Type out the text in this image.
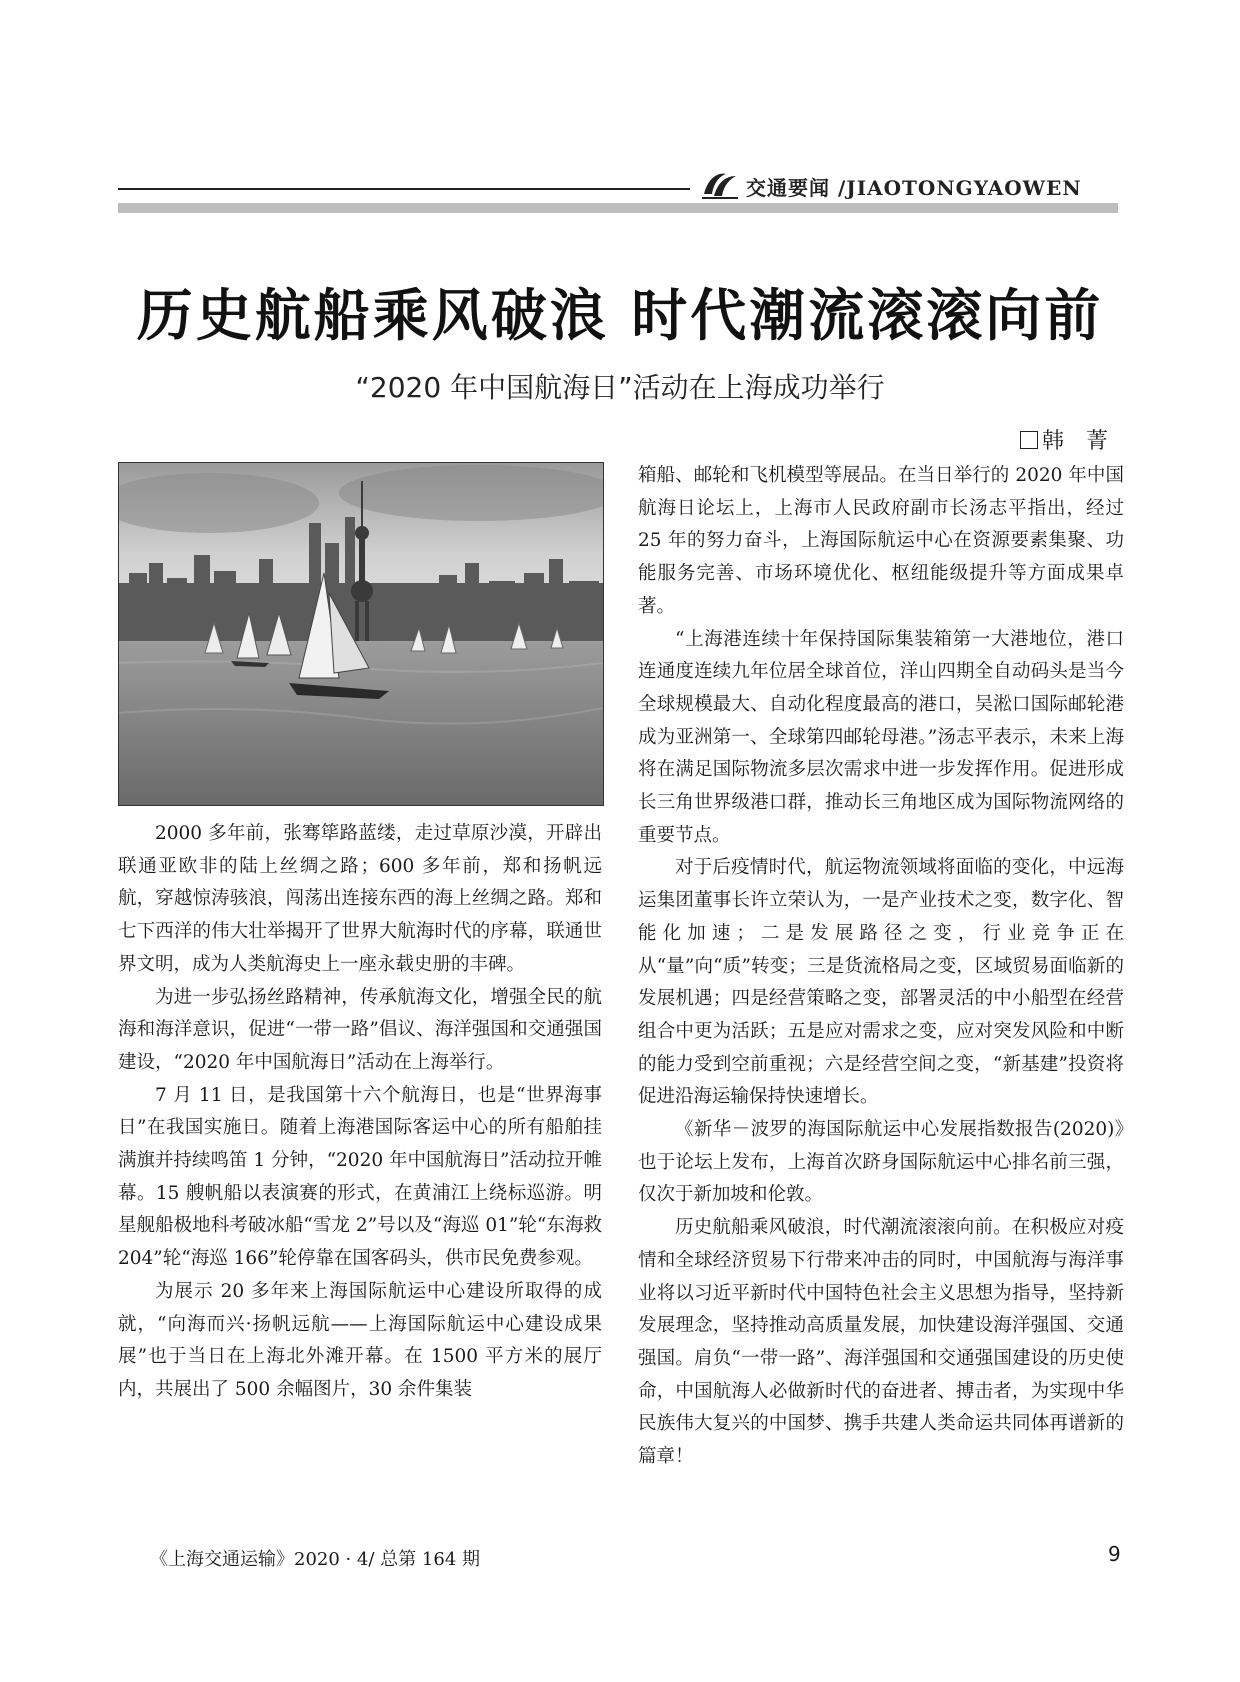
交通要闻 /JIAOTONGYAOWEN
历史航船乘风破浪 时代潮流滚滚向前
“2020 年中国航海日”活动在上海成功举行
韩　菁

2000 多年前，张骞筚路蓝缕，走过草原沙漠，开辟出联通亚欧非的陆上丝绸之路；600 多年前，郑和扬帆远航，穿越惊涛骇浪，闯荡出连接东西的海上丝绸之路。郑和七下西洋的伟大壮举揭开了世界大航海时代的序幕，联通世界文明，成为人类航海史上一座永载史册的丰碑。

为进一步弘扬丝路精神，传承航海文化，增强全民的航海和海洋意识，促进“一带一路”倡议、海洋强国和交通强国建设，“2020 年中国航海日”活动在上海举行。

7 月 11 日，是我国第十六个航海日，也是“世界海事日”在我国实施日。随着上海港国际客运中心的所有船舶挂满旗并持续鸣笛 1 分钟，“2020 年中国航海日”活动拉开帷幕。15 艘帆船以表演赛的形式，在黄浦江上绕标巡游。明星舰船极地科考破冰船“雪龙 2”号以及“海巡 01”轮“东海救 204”轮“海巡 166”轮停靠在国客码头，供市民免费参观。

为展示 20 多年来上海国际航运中心建设所取得的成就，“向海而兴·扬帆远航——上海国际航运中心建设成果展”也于当日在上海北外滩开幕。在 1500 平方米的展厅内，共展出了 500 余幅图片，30 余件集装

箱船、邮轮和飞机模型等展品。在当日举行的 2020 年中国航海日论坛上，上海市人民政府副市长汤志平指出，经过 25 年的努力奋斗，上海国际航运中心在资源要素集聚、功能服务完善、市场环境优化、枢纽能级提升等方面成果卓著。

“上海港连续十年保持国际集装箱第一大港地位，港口连通度连续九年位居全球首位，洋山四期全自动码头是当今全球规模最大、自动化程度最高的港口，吴淞口国际邮轮港成为亚洲第一、全球第四邮轮母港。”汤志平表示，未来上海将在满足国际物流多层次需求中进一步发挥作用。促进形成长三角世界级港口群，推动长三角地区成为国际物流网络的重要节点。

对于后疫情时代，航运物流领域将面临的变化，中远海运集团董事长许立荣认为，一是产业技术之变，数字化、智能化加速；二是发展路径之变，行业竞争正在从“量”向“质”转变；三是货流格局之变，区域贸易面临新的发展机遇；四是经营策略之变，部署灵活的中小船型在经营组合中更为活跃；五是应对需求之变，应对突发风险和中断的能力受到空前重视；六是经营空间之变，“新基建”投资将促进沿海运输保持快速增长。

《新华－波罗的海国际航运中心发展指数报告(2020)》也于论坛上发布，上海首次跻身国际航运中心排名前三强，仅次于新加坡和伦敦。

历史航船乘风破浪，时代潮流滚滚向前。在积极应对疫情和全球经济贸易下行带来冲击的同时，中国航海与海洋事业将以习近平新时代中国特色社会主义思想为指导，坚持新发展理念，坚持推动高质量发展，加快建设海洋强国、交通强国。肩负“一带一路”、海洋强国和交通强国建设的历史使命，中国航海人必做新时代的奋进者、搏击者，为实现中华民族伟大复兴的中国梦、携手共建人类命运共同体再谱新的篇章！

《上海交通运输》2020 · 4/ 总第 164 期	9
